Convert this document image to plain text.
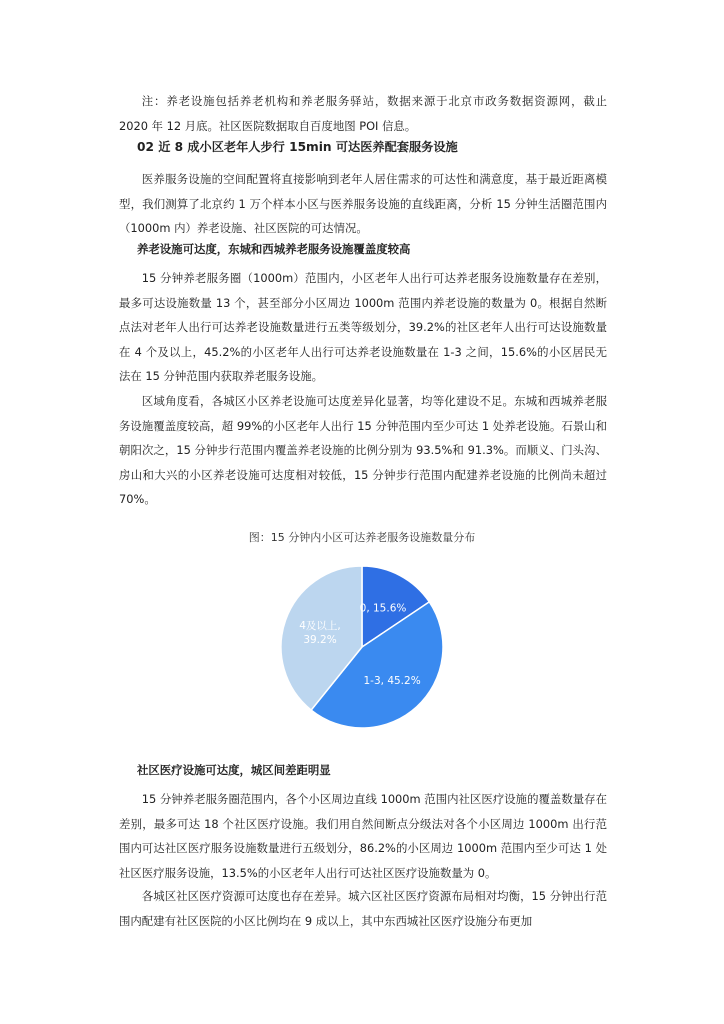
注：养老设施包括养老机构和养老服务驿站，数据来源于北京市政务数据资源网，截止 2020 年 12 月底。社区医院数据取自百度地图 POI 信息。

02 近 8 成小区老年人步行 15min 可达医养配套服务设施

医养服务设施的空间配置将直接影响到老年人居住需求的可达性和满意度，基于最近距离模型，我们测算了北京约 1 万个样本小区与医养服务设施的直线距离，分析 15 分钟生活圈范围内（1000m 内）养老设施、社区医院的可达情况。

养老设施可达度，东城和西城养老服务设施覆盖度较高

15 分钟养老服务圈（1000m）范围内，小区老年人出行可达养老服务设施数量存在差别，最多可达设施数量 13 个，甚至部分小区周边 1000m 范围内养老设施的数量为 0。根据自然断点法对老年人出行可达养老设施数量进行五类等级划分，39.2%的社区老年人出行可达设施数量在 4 个及以上，45.2%的小区老年人出行可达养老设施数量在 1-3 之间，15.6%的小区居民无法在 15 分钟范围内获取养老服务设施。

区域角度看，各城区小区养老设施可达度差异化显著，均等化建设不足。东城和西城养老服务设施覆盖度较高，超 99%的小区老年人出行 15 分钟范围内至少可达 1 处养老设施。石景山和朝阳次之，15 分钟步行范围内覆盖养老设施的比例分别为 93.5%和 91.3%。而顺义、门头沟、房山和大兴的小区养老设施可达度相对较低，15 分钟步行范围内配建养老设施的比例尚未超过 70%。

图：15 分钟内小区可达养老服务设施数量分布
0, 15.6%
1-3, 45.2%
4及以上, 39.2%
社区医疗设施可达度，城区间差距明显

15 分钟养老服务圈范围内，各个小区周边直线 1000m 范围内社区医疗设施的覆盖数量存在差别，最多可达 18 个社区医疗设施。我们用自然间断点分级法对各个小区周边 1000m 出行范围内可达社区医疗服务设施数量进行五级划分，86.2%的小区周边 1000m 范围内至少可达 1 处社区医疗服务设施，13.5%的小区老年人出行可达社区医疗设施数量为 0。

各城区社区医疗资源可达度也存在差异。城六区社区医疗资源布局相对均衡，15 分钟出行范围内配建有社区医院的小区比例均在 9 成以上，其中东西城社区医疗设施分布更加
